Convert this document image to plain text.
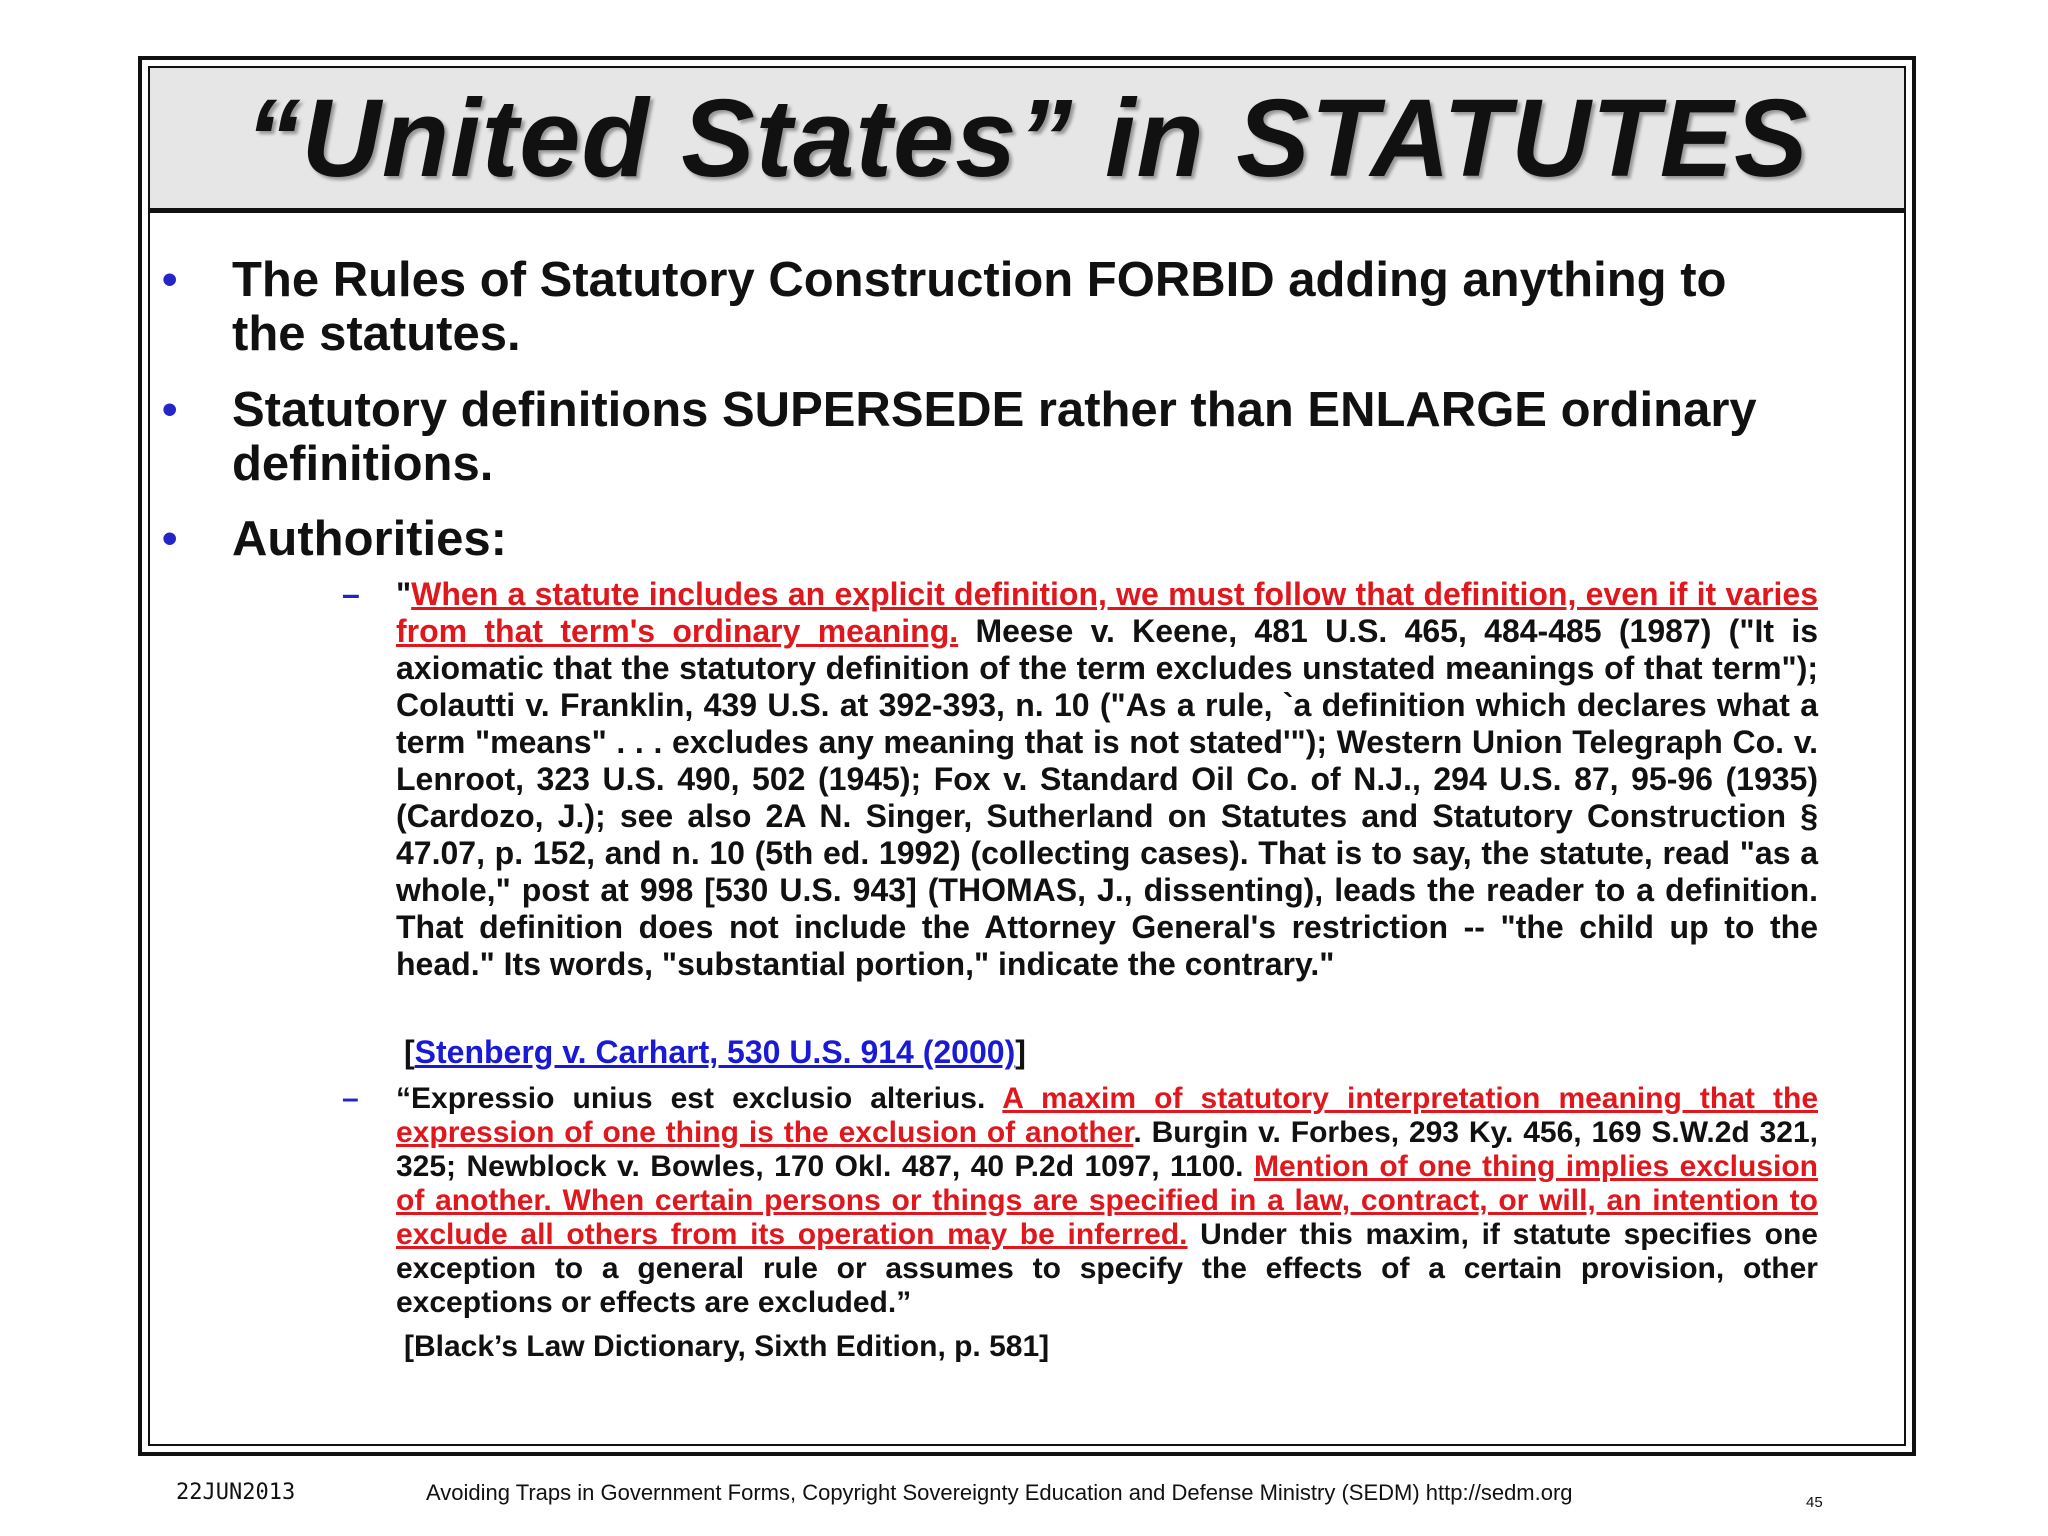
“United States” in STATUTES
• The Rules of Statutory Construction FORBID adding anything to the statutes.
• Statutory definitions SUPERSEDE rather than ENLARGE ordinary definitions.
• Authorities:
– "When a statute includes an explicit definition, we must follow that definition, even if it varies from that term's ordinary meaning. Meese v. Keene, 481 U.S. 465, 484-485 (1987) ("It is axiomatic that the statutory definition of the term excludes unstated meanings of that term"); Colautti v. Franklin, 439 U.S. at 392-393, n. 10 ("As a rule, `a definition which declares what a term "means" . . . excludes any meaning that is not stated'"); Western Union Telegraph Co. v. Lenroot, 323 U.S. 490, 502 (1945); Fox v. Standard Oil Co. of N.J., 294 U.S. 87, 95-96 (1935) (Cardozo, J.); see also 2A N. Singer, Sutherland on Statutes and Statutory Construction § 47.07, p. 152, and n. 10 (5th ed. 1992) (collecting cases). That is to say, the statute, read "as a whole," post at 998 [530 U.S. 943] (THOMAS, J., dissenting), leads the reader to a definition. That definition does not include the Attorney General's restriction -- "the child up to the head." Its words, "substantial portion," indicate the contrary."
[Stenberg v. Carhart, 530 U.S. 914 (2000)]
– “Expressio unius est exclusio alterius. A maxim of statutory interpretation meaning that the expression of one thing is the exclusion of another. Burgin v. Forbes, 293 Ky. 456, 169 S.W.2d 321, 325; Newblock v. Bowles, 170 Okl. 487, 40 P.2d 1097, 1100. Mention of one thing implies exclusion of another. When certain persons or things are specified in a law, contract, or will, an intention to exclude all others from its operation may be inferred. Under this maxim, if statute specifies one exception to a general rule or assumes to specify the effects of a certain provision, other exceptions or effects are excluded.”
[Black’s Law Dictionary, Sixth Edition, p. 581]
22JUN2013	Avoiding Traps in Government Forms, Copyright Sovereignty Education and Defense Ministry (SEDM) http://sedm.org	45
